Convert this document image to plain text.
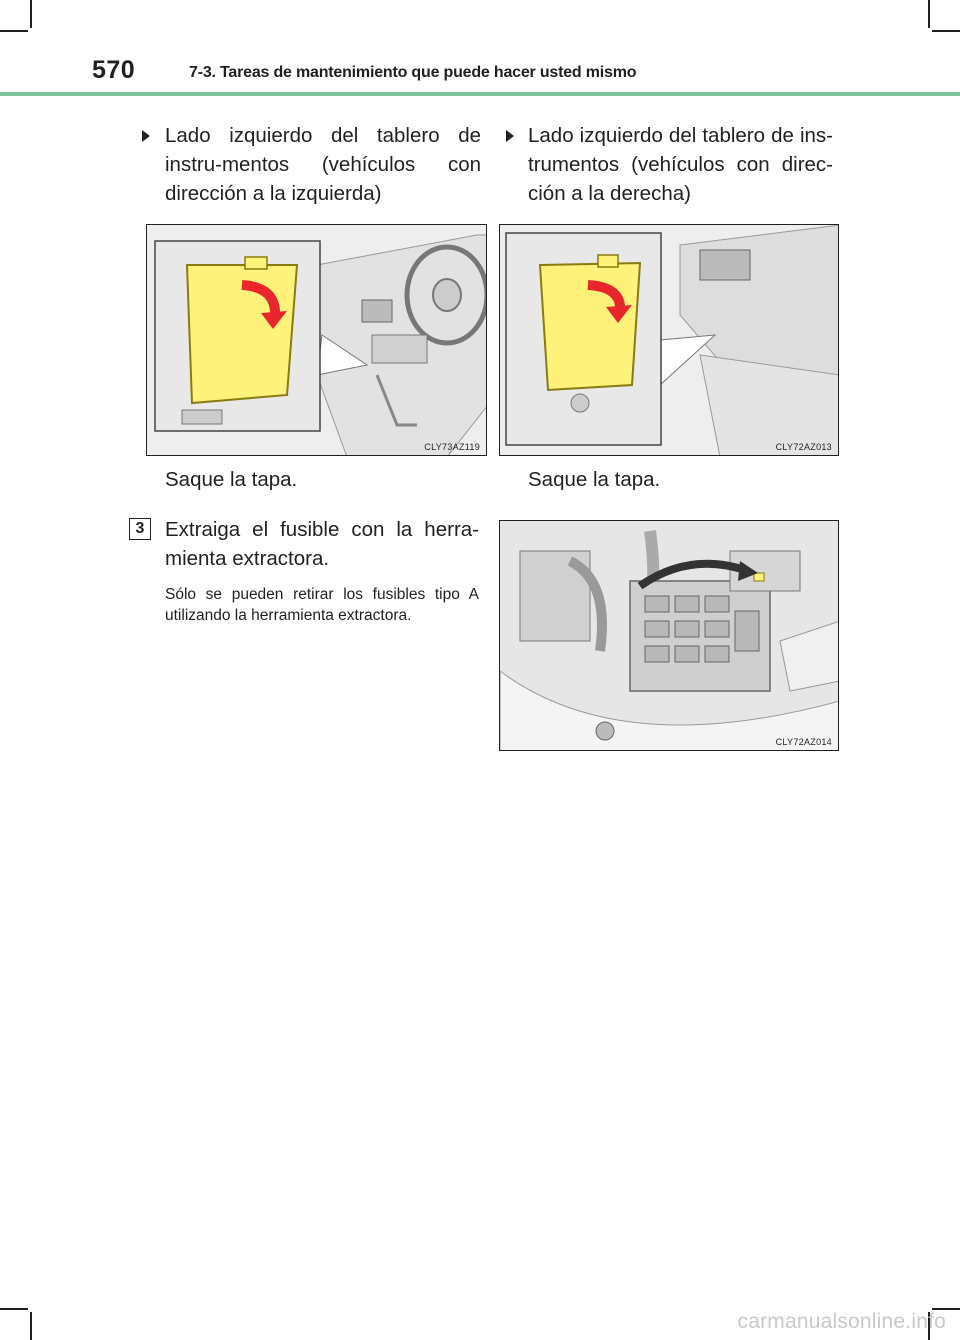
570	7-3. Tareas de mantenimiento que puede hacer usted mismo
Lado izquierdo del tablero de instru-mentos (vehículos con dirección a la izquierda)
Lado izquierdo del tablero de ins-trumentos (vehículos con direc-ción a la derecha)
CLY73AZ119	CLY72AZ013
Saque la tapa.	Saque la tapa.
3	Extraiga el fusible con la herra-mienta extractora.
Sólo se pueden retirar los fusibles tipo A utilizando la herramienta extractora.
CLY72AZ014
carmanualsonline.info
